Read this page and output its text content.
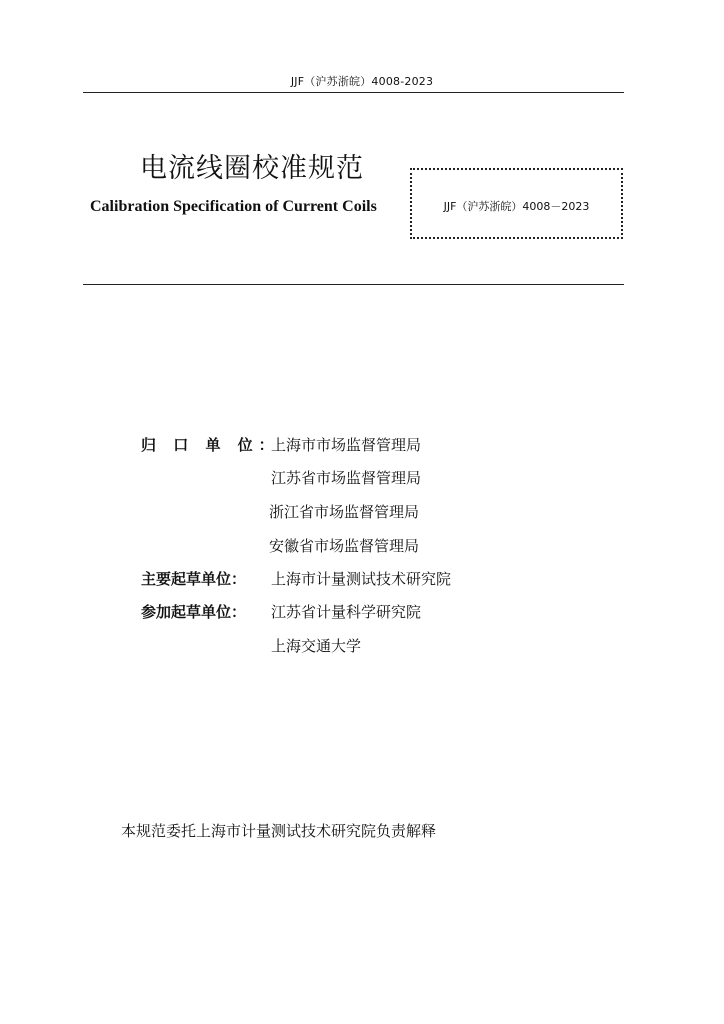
JJF（沪苏浙皖）4008-2023
电流线圈校准规范
Calibration Specification of Current Coils	JJF（沪苏浙皖）4008－2023
归 口 单 位：
上海市市场监督管理局
江苏省市场监督管理局
浙江省市场监督管理局
安徽省市场监督管理局
主要起草单位： 上海市计量测试技术研究院
参加起草单位： 江苏省计量科学研究院
上海交通大学
本规范委托上海市计量测试技术研究院负责解释
